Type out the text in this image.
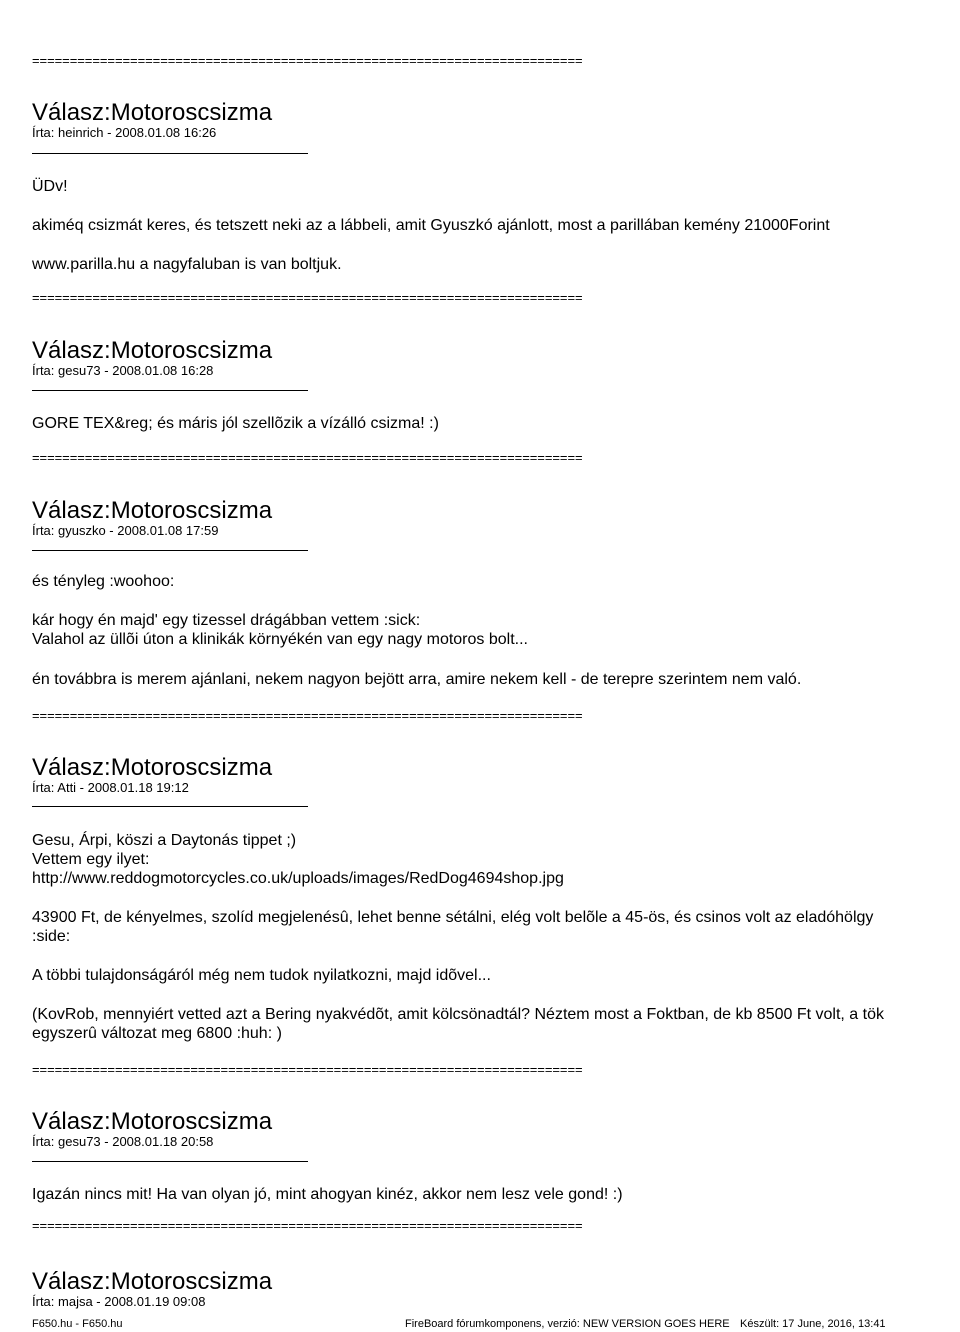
=========================================================================
=========================================================================
=========================================================================
=========================================================================
=========================================================================
=========================================================================
Válasz:Motoroscsizma
Írta: heinrich - 2008.01.08 16:26
ÜDv!
akiméq csizmát keres, és tetszett neki az a lábbeli, amit Gyuszkó ajánlott, most a parillában kemény 21000Forint
www.parilla.hu a nagyfaluban is van boltjuk.
Válasz:Motoroscsizma
Írta: gesu73 - 2008.01.08 16:28
GORE TEX&reg; és máris jól szellõzik a vízálló csizma! :)
Válasz:Motoroscsizma
Írta: gyuszko - 2008.01.08 17:59
és tényleg :woohoo:
kár hogy én majd' egy tizessel drágábban vettem :sick:
Valahol az üllõi úton a klinikák környékén van egy nagy motoros bolt...
én továbbra is merem ajánlani, nekem nagyon bejött arra, amire nekem kell - de terepre szerintem nem való.
Válasz:Motoroscsizma
Írta: Atti - 2008.01.18 19:12
Gesu, Árpi, köszi a Daytonás tippet ;)
Vettem egy ilyet:
http://www.reddogmotorcycles.co.uk/uploads/images/RedDog4694shop.jpg
43900 Ft, de kényelmes, szolíd megjelenésû, lehet benne sétálni, elég volt belõle a 45-ös, és csinos volt az eladóhölgy
:side:
A többi tulajdonságáról még nem tudok nyilatkozni, majd idõvel...
(KovRob, mennyiért vetted azt a Bering nyakvédõt, amit kölcsönadtál? Néztem most a Foktban, de kb 8500 Ft volt, a tök
egyszerû változat meg 6800 :huh: )
Válasz:Motoroscsizma
Írta: gesu73 - 2008.01.18 20:58
Igazán nincs mit! Ha van olyan jó, mint ahogyan kinéz, akkor nem lesz vele gond! :)
Válasz:Motoroscsizma
Írta: majsa - 2008.01.19 09:08
F650.hu - F650.hu	FireBoard fórumkomponens, verzió: NEW VERSION GOES HERE Készült: 17 June, 2016, 13:41
